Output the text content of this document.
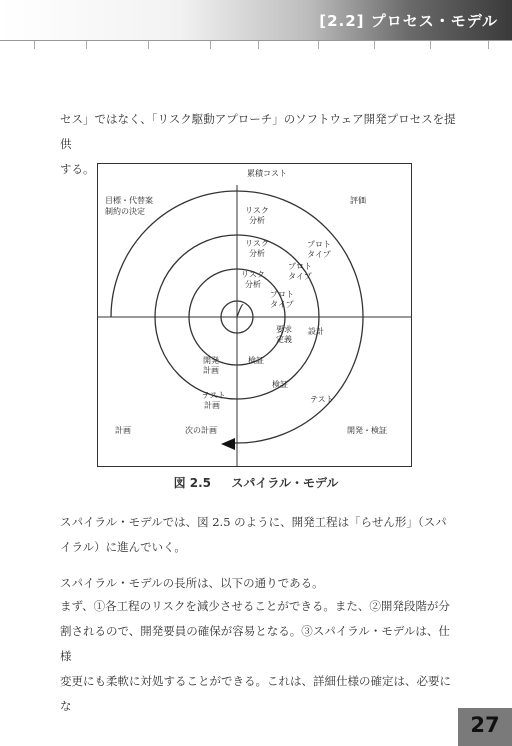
[2.2] プロセス・モデル
セス」ではなく、「リスク駆動アプローチ」のソフトウェア開発プロセスを提供
する。	累積コスト
目標・代替案
制約の決定
評価
計画	開発・検証
リスク
分析
リスク
分析
リスク
分析
プロト
タイプ
プロト
タイプ
プロト
タイプ
要求
定義
設計
検証
検証
テスト
開発
計画
テスト
計画
次の計画
図 2.5 スパイラル・モデル
スパイラル・モデルでは、図 2.5 のように、開発工程は「らせん形」（スパ
イラル）に進んでいく。
スパイラル・モデルの長所は、以下の通りである。
まず、①各工程のリスクを減少させることができる。また、②開発段階が分
割されるので、開発要員の確保が容易となる。③スパイラル・モデルは、仕様
変更にも柔軟に対処することができる。これは、詳細仕様の確定は、必要にな
27
